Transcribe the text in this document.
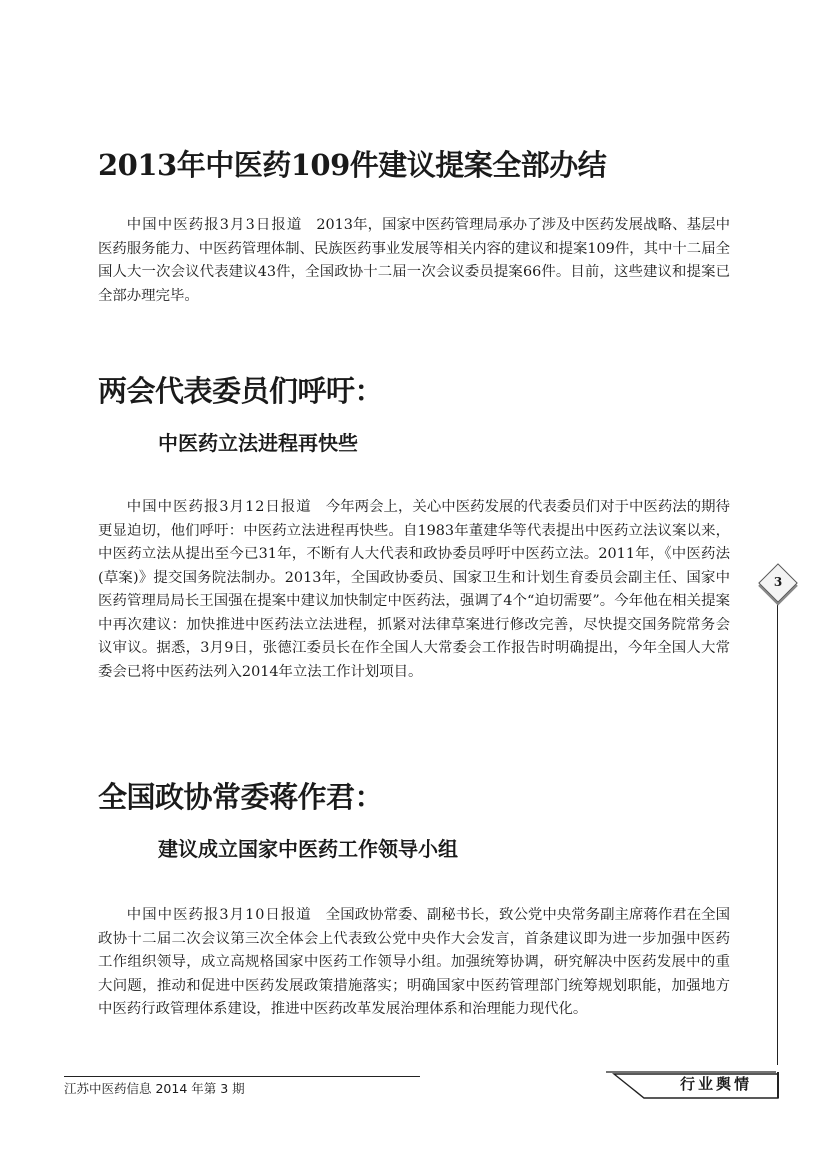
2013年中医药109件建议提案全部办结

中国中医药报3月3日报道 2013年，国家中医药管理局承办了涉及中医药发展战略、基层中医药服务能力、中医药管理体制、民族医药事业发展等相关内容的建议和提案109件，其中十二届全国人大一次会议代表建议43件，全国政协十二届一次会议委员提案66件。目前，这些建议和提案已全部办理完毕。

两会代表委员们呼吁：
中医药立法进程再快些

中国中医药报3月12日报道 今年两会上，关心中医药发展的代表委员们对于中医药法的期待更显迫切，他们呼吁：中医药立法进程再快些。自1983年董建华等代表提出中医药立法议案以来，中医药立法从提出至今已31年，不断有人大代表和政协委员呼吁中医药立法。2011年，《中医药法(草案)》提交国务院法制办。2013年，全国政协委员、国家卫生和计划生育委员会副主任、国家中医药管理局局长王国强在提案中建议加快制定中医药法，强调了4个“迫切需要”。今年他在相关提案中再次建议：加快推进中医药法立法进程，抓紧对法律草案进行修改完善，尽快提交国务院常务会议审议。据悉，3月9日，张德江委员长在作全国人大常委会工作报告时明确提出，今年全国人大常委会已将中医药法列入2014年立法工作计划项目。

全国政协常委蒋作君：
建议成立国家中医药工作领导小组

中国中医药报3月10日报道 全国政协常委、副秘书长，致公党中央常务副主席蒋作君在全国政协十二届二次会议第三次全体会上代表致公党中央作大会发言，首条建议即为进一步加强中医药工作组织领导，成立高规格国家中医药工作领导小组。加强统筹协调，研究解决中医药发展中的重大问题，推动和促进中医药发展政策措施落实；明确国家中医药管理部门统筹规划职能，加强地方中医药行政管理体系建设，推进中医药改革发展治理体系和治理能力现代化。

3
江苏中医药信息 2014 年第 3 期	行业舆情
